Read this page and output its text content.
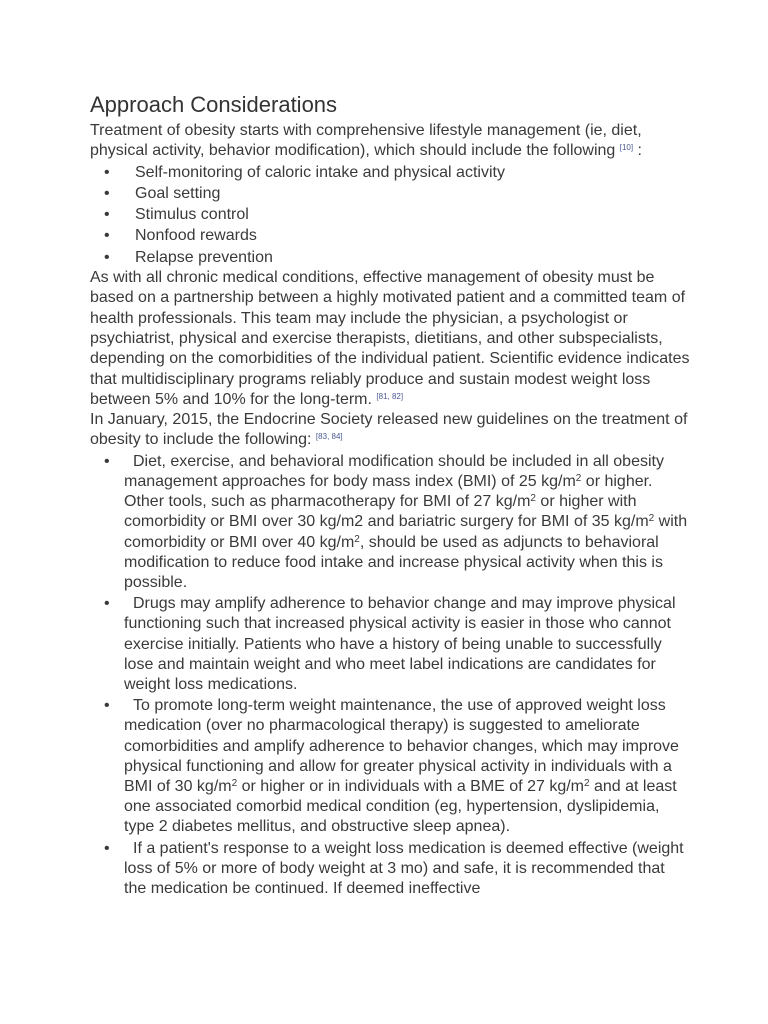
Approach Considerations

Treatment of obesity starts with comprehensive lifestyle management (ie, diet, physical activity, behavior modification), which should include the following [10] :

• Self-monitoring of caloric intake and physical activity
• Goal setting
• Stimulus control
• Nonfood rewards
• Relapse prevention

As with all chronic medical conditions, effective management of obesity must be based on a partnership between a highly motivated patient and a committed team of health professionals. This team may include the physician, a psychologist or psychiatrist, physical and exercise therapists, dietitians, and other subspecialists, depending on the comorbidities of the individual patient. Scientific evidence indicates that multidisciplinary programs reliably produce and sustain modest weight loss between 5% and 10% for the long-term. [81, 82]

In January, 2015, the Endocrine Society released new guidelines on the treatment of obesity to include the following: [83, 84]

• Diet, exercise, and behavioral modification should be included in all obesity management approaches for body mass index (BMI) of 25 $kg/m^2$ or higher. Other tools, such as pharmacotherapy for BMI of 27 $kg/m^2$ or higher with comorbidity or BMI over 30 kg/m2 and bariatric surgery for BMI of 35 $kg/m^2$ with comorbidity or BMI over 40 $kg/m^2$, should be used as adjuncts to behavioral modification to reduce food intake and increase physical activity when this is possible.
• Drugs may amplify adherence to behavior change and may improve physical functioning such that increased physical activity is easier in those who cannot exercise initially. Patients who have a history of being unable to successfully lose and maintain weight and who meet label indications are candidates for weight loss medications.
• To promote long-term weight maintenance, the use of approved weight loss medication (over no pharmacological therapy) is suggested to ameliorate comorbidities and amplify adherence to behavior changes, which may improve physical functioning and allow for greater physical activity in individuals with a BMI of 30 $kg/m^2$ or higher or in individuals with a BME of 27 $kg/m^2$ and at least one associated comorbid medical condition (eg, hypertension, dyslipidemia, type 2 diabetes mellitus, and obstructive sleep apnea).
• If a patient's response to a weight loss medication is deemed effective (weight loss of 5% or more of body weight at 3 mo) and safe, it is recommended that the medication be continued. If deemed ineffective
